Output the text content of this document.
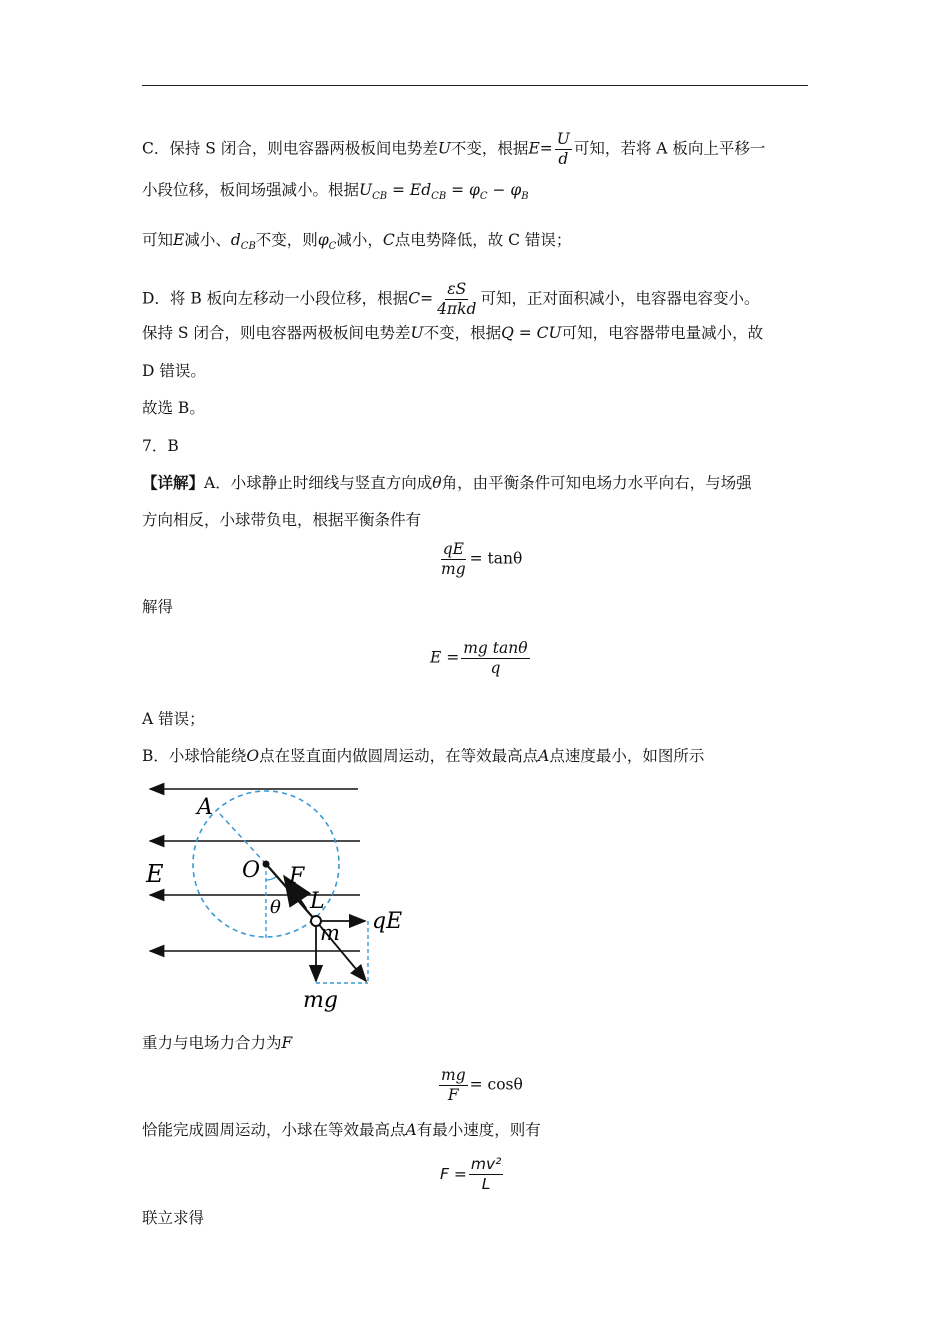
C．保持 S 闭合，则电容器两极板间电势差U不变，根据$E= \frac{U}{d}$ 可知，若将 A 板向上平移一
小段位移，板间场强减小。根据$U_{CB} = Ed_{CB} = \varphi_C - \varphi_B$
可知E减小、$d_{CB}$不变，则$\varphi_C$减小，C点电势降低，故 C 错误；
D．将 B 板向左移动一小段位移，根据$C= \frac{\varepsilon S}{\text{4πkd}}$ 可知，正对面积减小，电容器电容变小。
保持 S 闭合，则电容器两极板间电势差U不变，根据Q = CU可知，电容器带电量减小，故
D 错误。
故选 B。
7．B
【详解】A．小球静止时细线与竖直方向成θ角，由平衡条件可知电场力水平向右，与场强
方向相反，小球带负电，根据平衡条件有
$\frac{qE}{mg} = \tan\theta$
解得
$E = \frac{\text{mg tanθ}}{q}$
A 错误；
B．小球恰能绕O点在竖直面内做圆周运动，在等效最高点A点速度最小，如图所示
A
O F
E
L
θ
m qE
mg
重力与电场力合力为F
$\frac{mg}{F} = \cos\theta$
恰能完成圆周运动，小球在等效最高点A有最小速度，则有
$F = \frac{\text{mv²}}{L}$
联立求得
